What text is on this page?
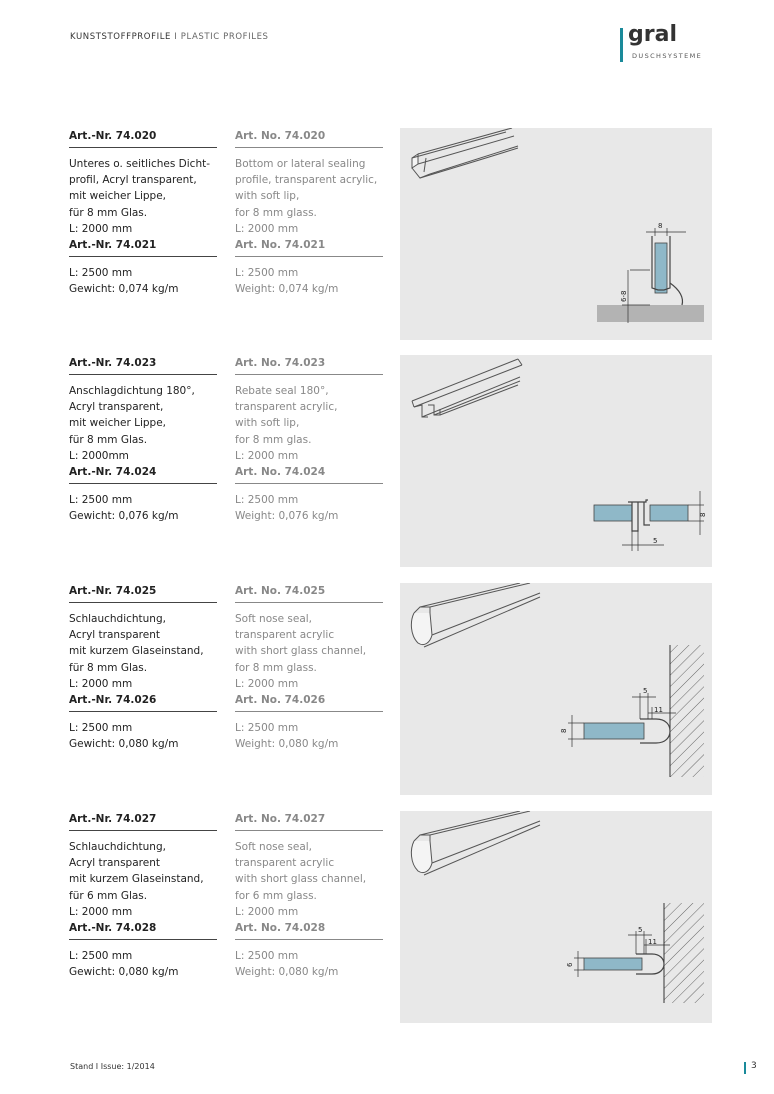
KUNSTSTOFFPROFILE I PLASTIC PROFILES	gral
DUSCHSYSTEME
Art.-Nr. 74.020
Unteres o. seitliches Dicht-
profil, Acryl transparent,
mit weicher Lippe,
für 8 mm Glas.
L: 2000 mm
Art.-Nr. 74.021
L: 2500 mm
Gewicht: 0,074 kg/m
Art. No. 74.020
Bottom or lateral sealing
profile, transparent acrylic,
with soft lip,
for 8 mm glass.
L: 2000 mm
Art. No. 74.021
L: 2500 mm
Weight: 0,074 kg/m
8
6-8
Art.-Nr. 74.023
Anschlagdichtung 180°,
Acryl transparent,
mit weicher Lippe,
für 8 mm Glas.
L: 2000mm
Art.-Nr. 74.024
L: 2500 mm
Gewicht: 0,076 kg/m
Art. No. 74.023
Rebate seal 180°,
transparent acrylic,
with soft lip,
for 8 mm glas.
L: 2000 mm
Art. No. 74.024
L: 2500 mm
Weight: 0,076 kg/m	8
5
Art.-Nr. 74.025
Schlauchdichtung,
Acryl transparent
mit kurzem Glaseinstand,
für 8 mm Glas.
L: 2000 mm
Art.-Nr. 74.026
L: 2500 mm
Gewicht: 0,080 kg/m
Art. No. 74.025
Soft nose seal,
transparent acrylic
with short glass channel,
for 8 mm glass.
L: 2000 mm
Art. No. 74.026
L: 2500 mm
Weight: 0,080 kg/m
5
11
8
Art.-Nr. 74.027
Schlauchdichtung,
Acryl transparent
mit kurzem Glaseinstand,
für 6 mm Glas.
L: 2000 mm
Art.-Nr. 74.028
L: 2500 mm
Gewicht: 0,080 kg/m
Art. No. 74.027
Soft nose seal,
transparent acrylic
with short glass channel,
for 6 mm glass.
L: 2000 mm
Art. No. 74.028
L: 2500 mm
Weight: 0,080 kg/m
5
11
6
Stand I Issue: 1/2014	3
